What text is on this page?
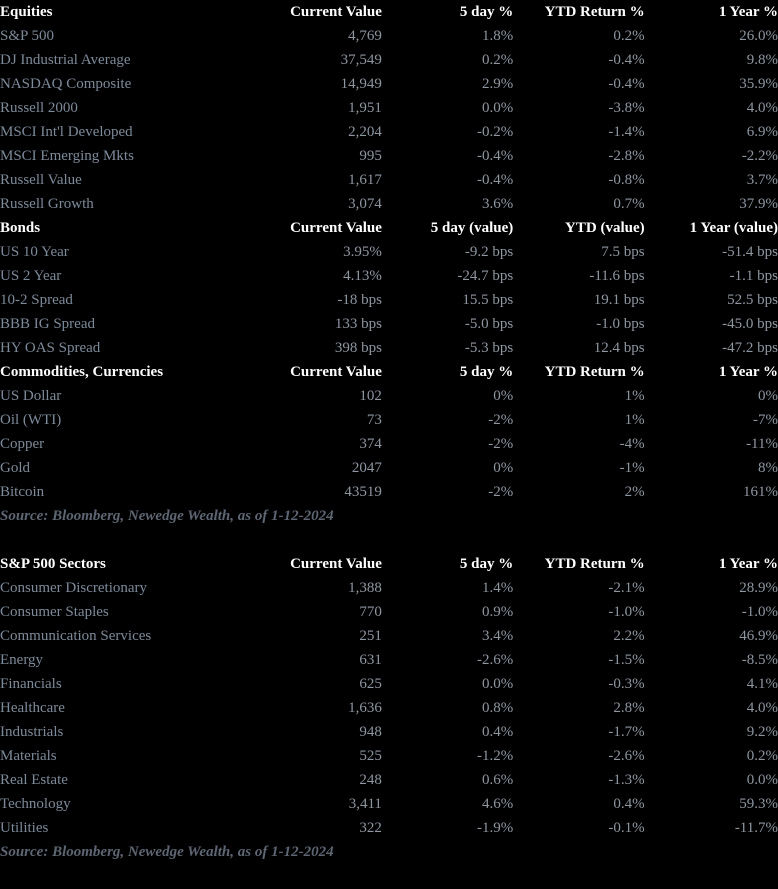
Equities	Current Value	5 day %	YTD Return %	1 Year %
S&P 500	4,769	1.8%	0.2%	26.0%
DJ Industrial Average	37,549	0.2%	-0.4%	9.8%
NASDAQ Composite	14,949	2.9%	-0.4%	35.9%
Russell 2000	1,951	0.0%	-3.8%	4.0%
MSCI Int'l Developed	2,204	-0.2%	-1.4%	6.9%
MSCI Emerging Mkts	995	-0.4%	-2.8%	-2.2%
Russell Value	1,617	-0.4%	-0.8%	3.7%
Russell Growth	3,074	3.6%	0.7%	37.9%
Bonds	Current Value	5 day (value)	YTD (value)	1 Year (value)
US 10 Year	3.95%	-9.2 bps	7.5 bps	-51.4 bps
US 2 Year	4.13%	-24.7 bps	-11.6 bps	-1.1 bps
10-2 Spread	-18 bps	15.5 bps	19.1 bps	52.5 bps
BBB IG Spread	133 bps	-5.0 bps	-1.0 bps	-45.0 bps
HY OAS Spread	398 bps	-5.3 bps	12.4 bps	-47.2 bps
Commodities, Currencies	Current Value	5 day %	YTD Return %	1 Year %
US Dollar	102	0%	1%	0%
Oil (WTI)	73	-2%	1%	-7%
Copper	374	-2%	-4%	-11%
Gold	2047	0%	-1%	8%
Bitcoin	43519	-2%	2%	161%
Source: Bloomberg, Newedge Wealth, as of 1-12-2024				

S&P 500 Sectors	Current Value	5 day %	YTD Return %	1 Year %
Consumer Discretionary	1,388	1.4%	-2.1%	28.9%
Consumer Staples	770	0.9%	-1.0%	-1.0%
Communication Services	251	3.4%	2.2%	46.9%
Energy	631	-2.6%	-1.5%	-8.5%
Financials	625	0.0%	-0.3%	4.1%
Healthcare	1,636	0.8%	2.8%	4.0%
Industrials	948	0.4%	-1.7%	9.2%
Materials	525	-1.2%	-2.6%	0.2%
Real Estate	248	0.6%	-1.3%	0.0%
Technology	3,411	4.6%	0.4%	59.3%
Utilities	322	-1.9%	-0.1%	-11.7%
Source: Bloomberg, Newedge Wealth, as of 1-12-2024				
